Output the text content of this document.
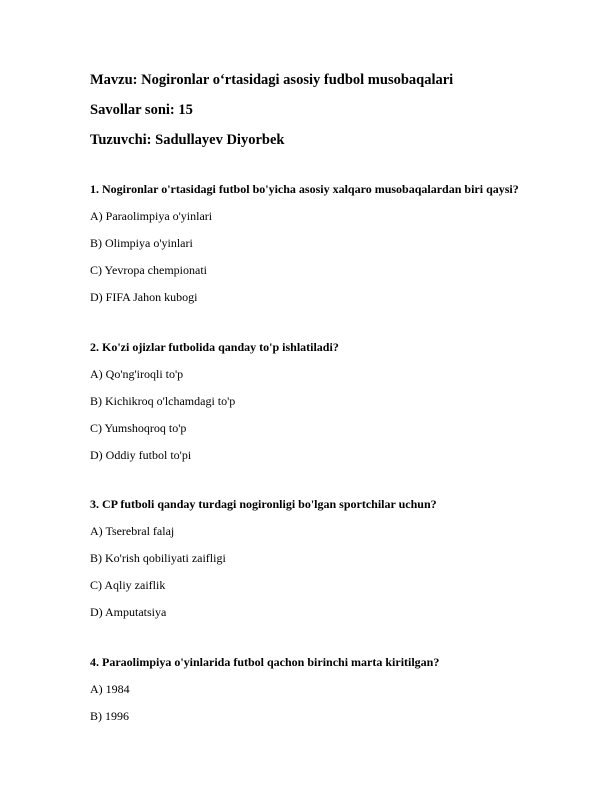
Mavzu: Nogironlar o‘rtasidagi asosiy fudbol musobaqalari
Savollar soni: 15
Tuzuvchi: Sadullayev Diyorbek
1. Nogironlar o'rtasidagi futbol bo'yicha asosiy xalqaro musobaqalardan biri qaysi?
A) Paraolimpiya o'yinlari
B) Olimpiya o'yinlari
C) Yevropa chempionati
D) FIFA Jahon kubogi
2. Ko'zi ojizlar futbolida qanday to'p ishlatiladi?
A) Qo'ng'iroqli to'p
B) Kichikroq o'lchamdagi to'p
C) Yumshoqroq to'p
D) Oddiy futbol to'pi
3. CP futboli qanday turdagi nogironligi bo'lgan sportchilar uchun?
A) Tserebral falaj
B) Ko'rish qobiliyati zaifligi
C) Aqliy zaiflik
D) Amputatsiya
4. Paraolimpiya o'yinlarida futbol qachon birinchi marta kiritilgan?
A) 1984
B) 1996
